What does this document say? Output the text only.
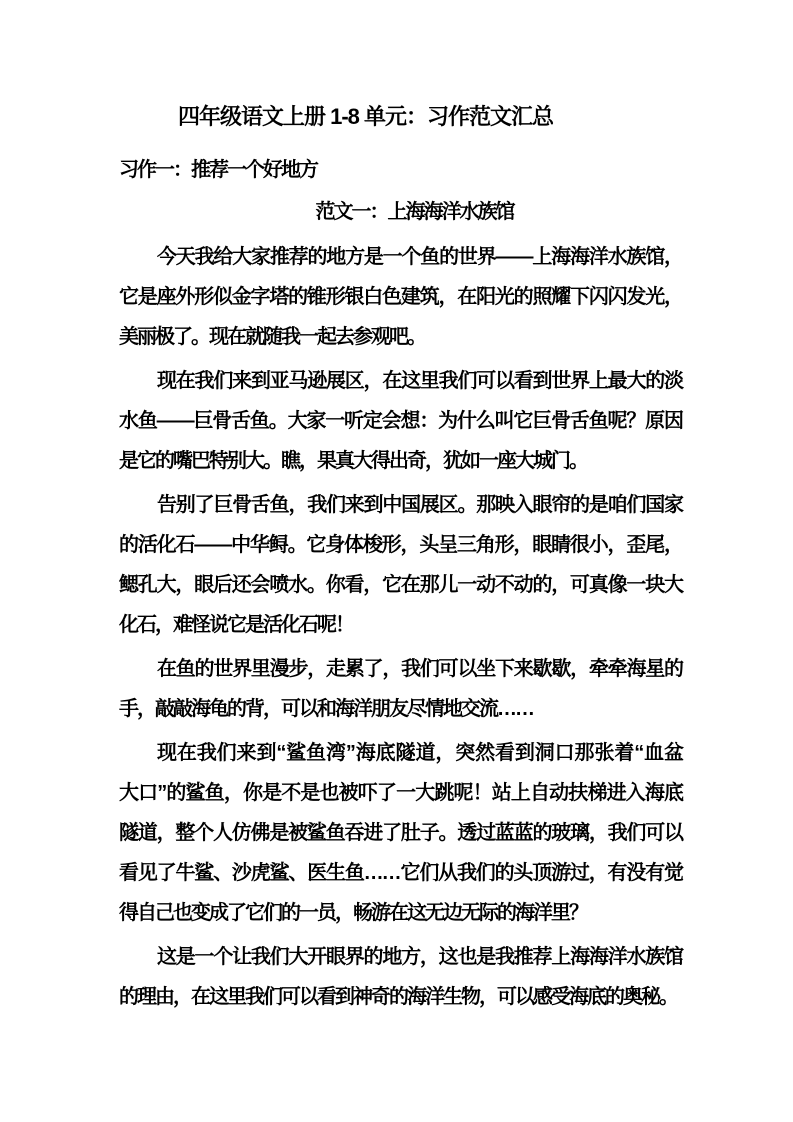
四年级语文上册 1-8 单元：习作范文汇总
习作一：推荐一个好地方
范文一：上海海洋水族馆
今天我给大家推荐的地方是一个鱼的世界——上海海洋水族馆，
它是座外形似金字塔的锥形银白色建筑，在阳光的照耀下闪闪发光，
美丽极了。现在就随我一起去参观吧。
现在我们来到亚马逊展区，在这里我们可以看到世界上最大的淡
水鱼——巨骨舌鱼。大家一听定会想：为什么叫它巨骨舌鱼呢？原因
是它的嘴巴特别大。瞧，果真大得出奇，犹如一座大城门。
告别了巨骨舌鱼，我们来到中国展区。那映入眼帘的是咱们国家
的活化石——中华鲟。它身体梭形，头呈三角形，眼睛很小，歪尾，
鳃孔大，眼后还会喷水。你看，它在那儿一动不动的，可真像一块大
化石，难怪说它是活化石呢！
在鱼的世界里漫步，走累了，我们可以坐下来歇歇，牵牵海星的
手，敲敲海龟的背，可以和海洋朋友尽情地交流……
现在我们来到“鲨鱼湾”海底隧道，突然看到洞口那张着“血盆
大口”的鲨鱼，你是不是也被吓了一大跳呢！站上自动扶梯进入海底
隧道，整个人仿佛是被鲨鱼吞进了肚子。透过蓝蓝的玻璃，我们可以
看见了牛鲨、沙虎鲨、医生鱼……它们从我们的头顶游过，有没有觉
得自己也变成了它们的一员，畅游在这无边无际的海洋里？
这是一个让我们大开眼界的地方，这也是我推荐上海海洋水族馆
的理由，在这里我们可以看到神奇的海洋生物，可以感受海底的奥秘。
